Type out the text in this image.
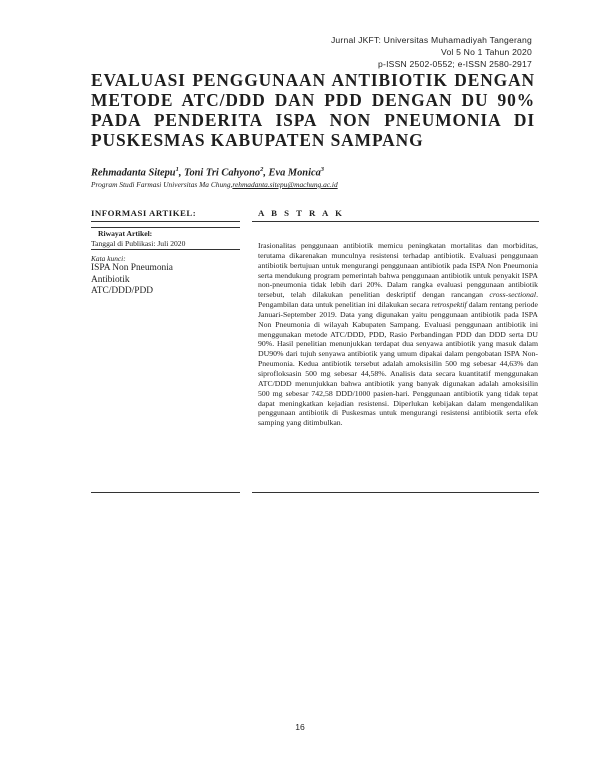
Jurnal JKFT: Universitas Muhamadiyah Tangerang
Vol 5 No 1 Tahun 2020
p-ISSN 2502-0552; e-ISSN 2580-2917
EVALUASI PENGGUNAAN ANTIBIOTIK DENGAN METODE ATC/DDD DAN PDD DENGAN DU 90% PADA PENDERITA ISPA NON PNEUMONIA DI PUSKESMAS KABUPATEN SAMPANG
Rehmadanta Sitepu$^1$, Toni Tri Cahyono$^2$, Eva Monica$^3$
Program Studi Farmasi Universitas Ma Chung,rehmadanta.sitepu@machung.ac.id
INFORMASI ARTIKEL:	A B S T R A K
Riwayat Artikel:
Tanggal di Publikasi: Juli 2020
Kata kunci:
ISPA Non Pneumonia
Antibiotik
ATC/DDD/PDD

Irasionalitas penggunaan antibiotik memicu peningkatan mortalitas dan morbiditas, terutama dikarenakan munculnya resistensi terhadap antibiotik. Evaluasi penggunaan antibiotik bertujuan untuk mengurangi penggunaan antibiotik pada ISPA Non Pneumonia serta mendukung program pemerintah bahwa penggunaan antibiotik untuk penyakit ISPA non-pneumonia tidak lebih dari 20%. Dalam rangka evaluasi penggunaan antibiotik tersebut, telah dilakukan penelitian deskriptif dengan rancangan cross-sectional. Pengambilan data untuk penelitian ini dilakukan secara retrospektif dalam rentang periode Januari-September 2019. Data yang digunakan yaitu penggunaan antibiotik pada ISPA Non Pneumonia di wilayah Kabupaten Sampang. Evaluasi penggunaan antibiotik ini menggunakan metode ATC/DDD, PDD, Rasio Perbandingan PDD dan DDD serta DU 90%. Hasil penelitian menunjukkan terdapat dua senyawa antibiotik yang masuk dalam DU90% dari tujuh senyawa antibiotik yang umum dipakai dalam pengobatan ISPA Non-Pneumonia. Kedua antibiotik tersebut adalah amoksisilin 500 mg sebesar 44,63% dan siprofloksasin 500 mg sebesar 44,58%. Analisis data secara kuantitatif menggunakan ATC/DDD menunjukkan bahwa antibiotik yang banyak digunakan adalah amoksisilin 500 mg sebesar 742,58 DDD/1000 pasien-hari. Penggunaan antibiotik yang tidak tepat dapat meningkatkan kejadian resistensi. Diperlukan kebijakan dalam mengendalikan penggunaan antibiotik di Puskesmas untuk mengurangi resistensi antibiotik serta efek samping yang ditimbulkan.

16
